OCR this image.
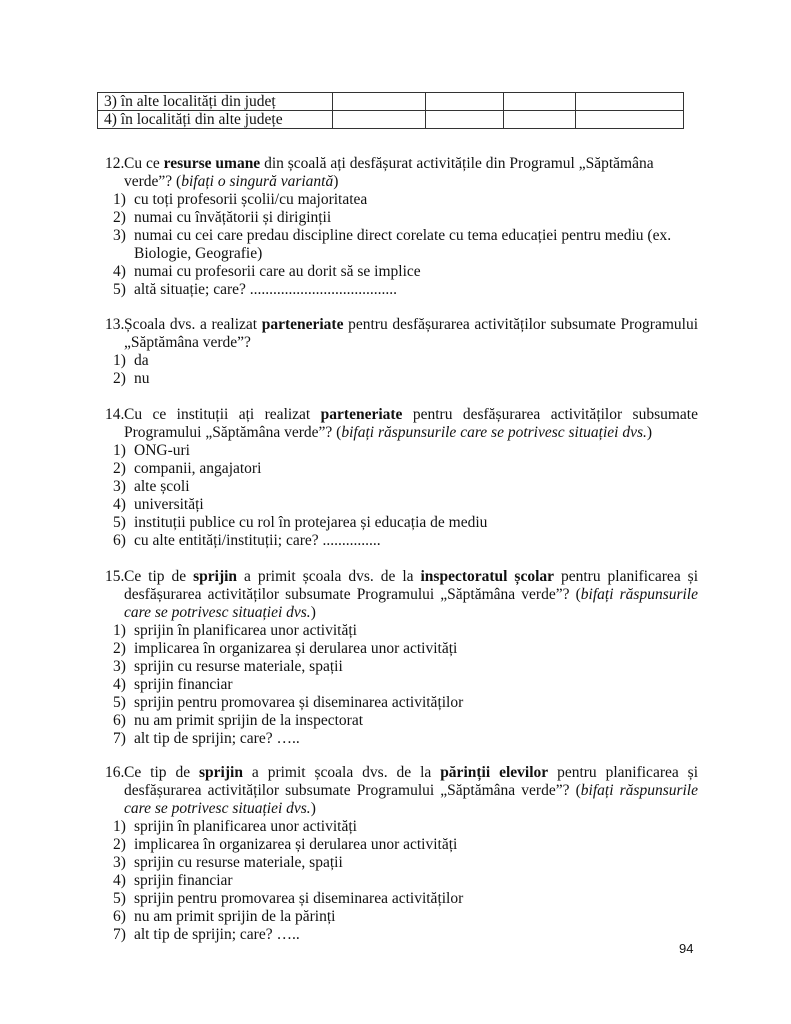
3) în alte localități din județ				
4) în localități din alte județe				
12. Cu ce resurse umane din școală ați desfășurat activitățile din Programul „Săptămâna verde”? (bifați o singură variantă)
1) cu toți profesorii școlii/cu majoritatea
2) numai cu învățătorii și diriginții
3) numai cu cei care predau discipline direct corelate cu tema educației pentru mediu (ex. Biologie, Geografie)
4) numai cu profesorii care au dorit să se implice
5) altă situație; care? ......................................
13. Școala dvs. a realizat parteneriate pentru desfășurarea activităților subsumate Programului „Săptămâna verde”?
1) da
2) nu
14. Cu ce instituții ați realizat parteneriate pentru desfășurarea activităților subsumate Programului „Săptămâna verde”? (bifați răspunsurile care se potrivesc situației dvs.)
1) ONG-uri
2) companii, angajatori
3) alte școli
4) universități
5) instituții publice cu rol în protejarea și educația de mediu
6) cu alte entități/instituții; care? ...............
15. Ce tip de sprijin a primit școala dvs. de la inspectoratul școlar pentru planificarea și desfășurarea activităților subsumate Programului „Săptămâna verde”? (bifați răspunsurile care se potrivesc situației dvs.)
1) sprijin în planificarea unor activități
2) implicarea în organizarea și derularea unor activități
3) sprijin cu resurse materiale, spații
4) sprijin financiar
5) sprijin pentru promovarea și diseminarea activităților
6) nu am primit sprijin de la inspectorat
7) alt tip de sprijin; care? …..
16. Ce tip de sprijin a primit școala dvs. de la părinții elevilor pentru planificarea și desfășurarea activităților subsumate Programului „Săptămâna verde”? (bifați răspunsurile care se potrivesc situației dvs.)
1) sprijin în planificarea unor activități
2) implicarea în organizarea și derularea unor activități
3) sprijin cu resurse materiale, spații
4) sprijin financiar
5) sprijin pentru promovarea și diseminarea activităților
6) nu am primit sprijin de la părinți
7) alt tip de sprijin; care? …..
94
